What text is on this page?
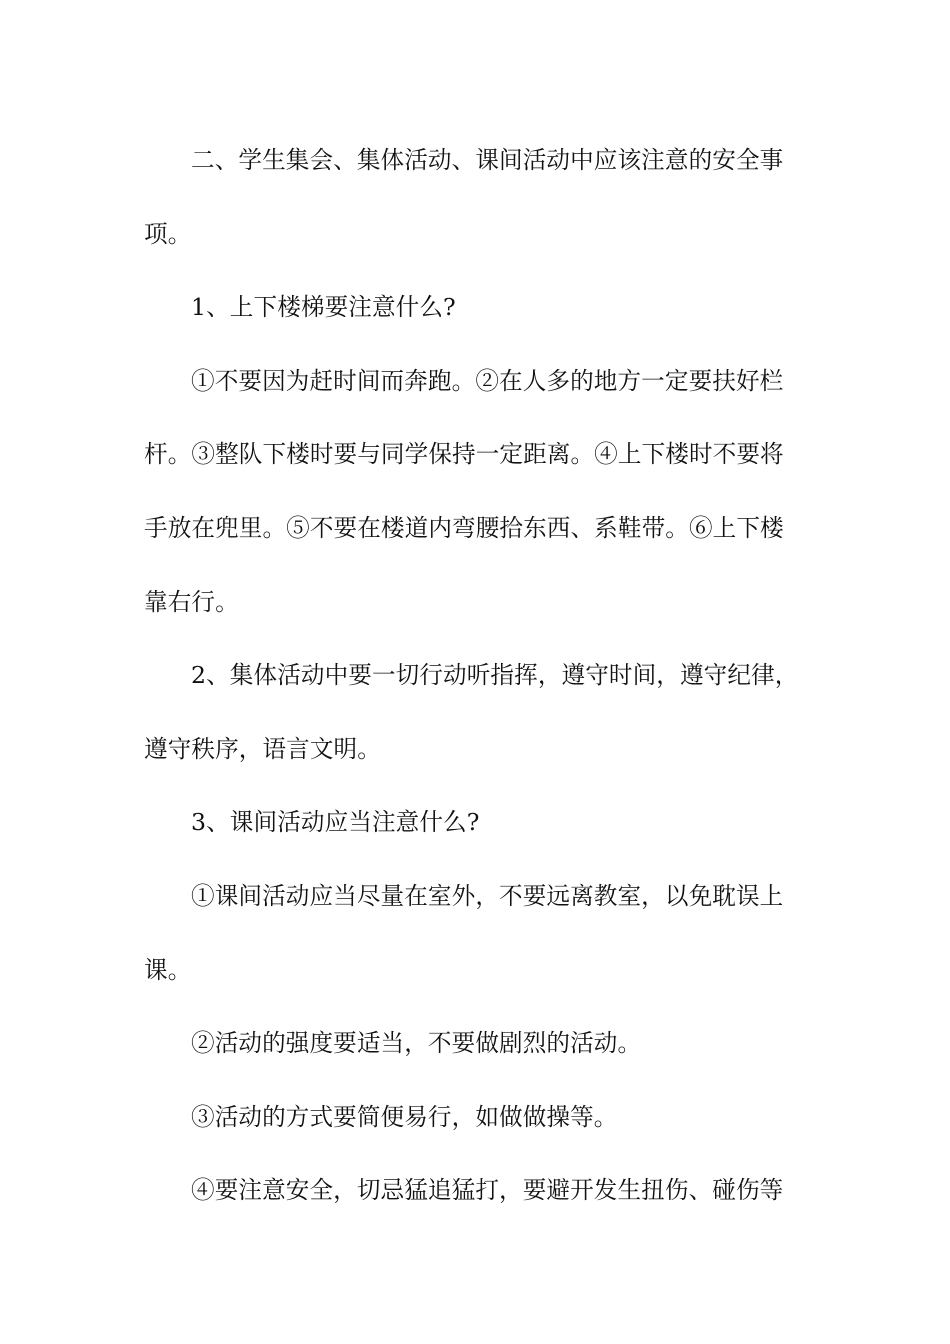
二、学生集会、集体活动、课间活动中应该注意的安全事
项。

1、上下楼梯要注意什么?

①不要因为赶时间而奔跑。②在人多的地方一定要扶好栏
杆。③整队下楼时要与同学保持一定距离。④上下楼时不要将
手放在兜里。⑤不要在楼道内弯腰拾东西、系鞋带。⑥上下楼
靠右行。

2、集体活动中要一切行动听指挥，遵守时间，遵守纪律，
遵守秩序，语言文明。

3、课间活动应当注意什么?

①课间活动应当尽量在室外，不要远离教室，以免耽误上
课。

②活动的强度要适当，不要做剧烈的活动。

③活动的方式要简便易行，如做做操等。

④要注意安全，切忌猛追猛打，要避开发生扭伤、碰伤等
